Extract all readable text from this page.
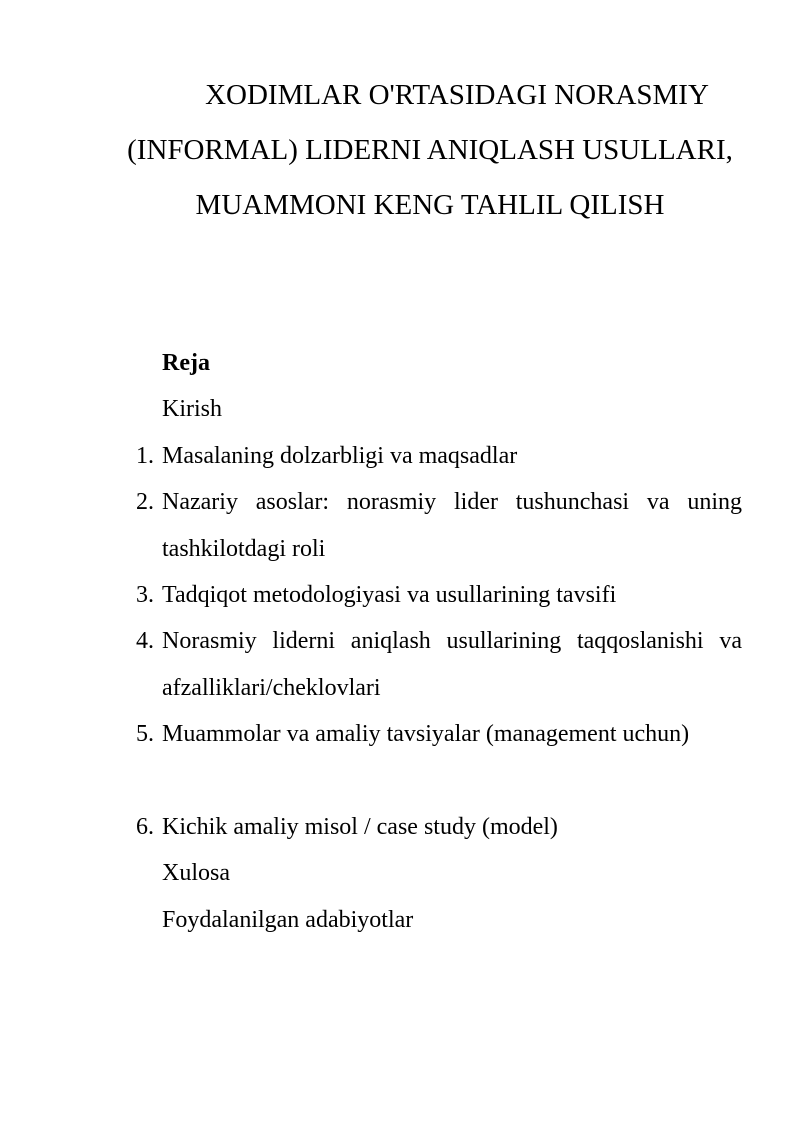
XODIMLAR O'RTASIDAGI NORASMIY (INFORMAL) LIDERNI ANIQLASH USULLARI, MUAMMONI KENG TAHLIL QILISH

Reja

Kirish

1. Masalaning dolzarbligi va maqsadlar

2. Nazariy asoslar: norasmiy lider tushunchasi va uning tashkilotdagi roli

3. Tadqiqot metodologiyasi va usullarining tavsifi

4. Norasmiy liderni aniqlash usullarining taqqoslanishi va afzalliklari/cheklovlari

5. Muammolar va amaliy tavsiyalar (management uchun)

6. Kichik amaliy misol / case study (model)

Xulosa

Foydalanilgan adabiyotlar
